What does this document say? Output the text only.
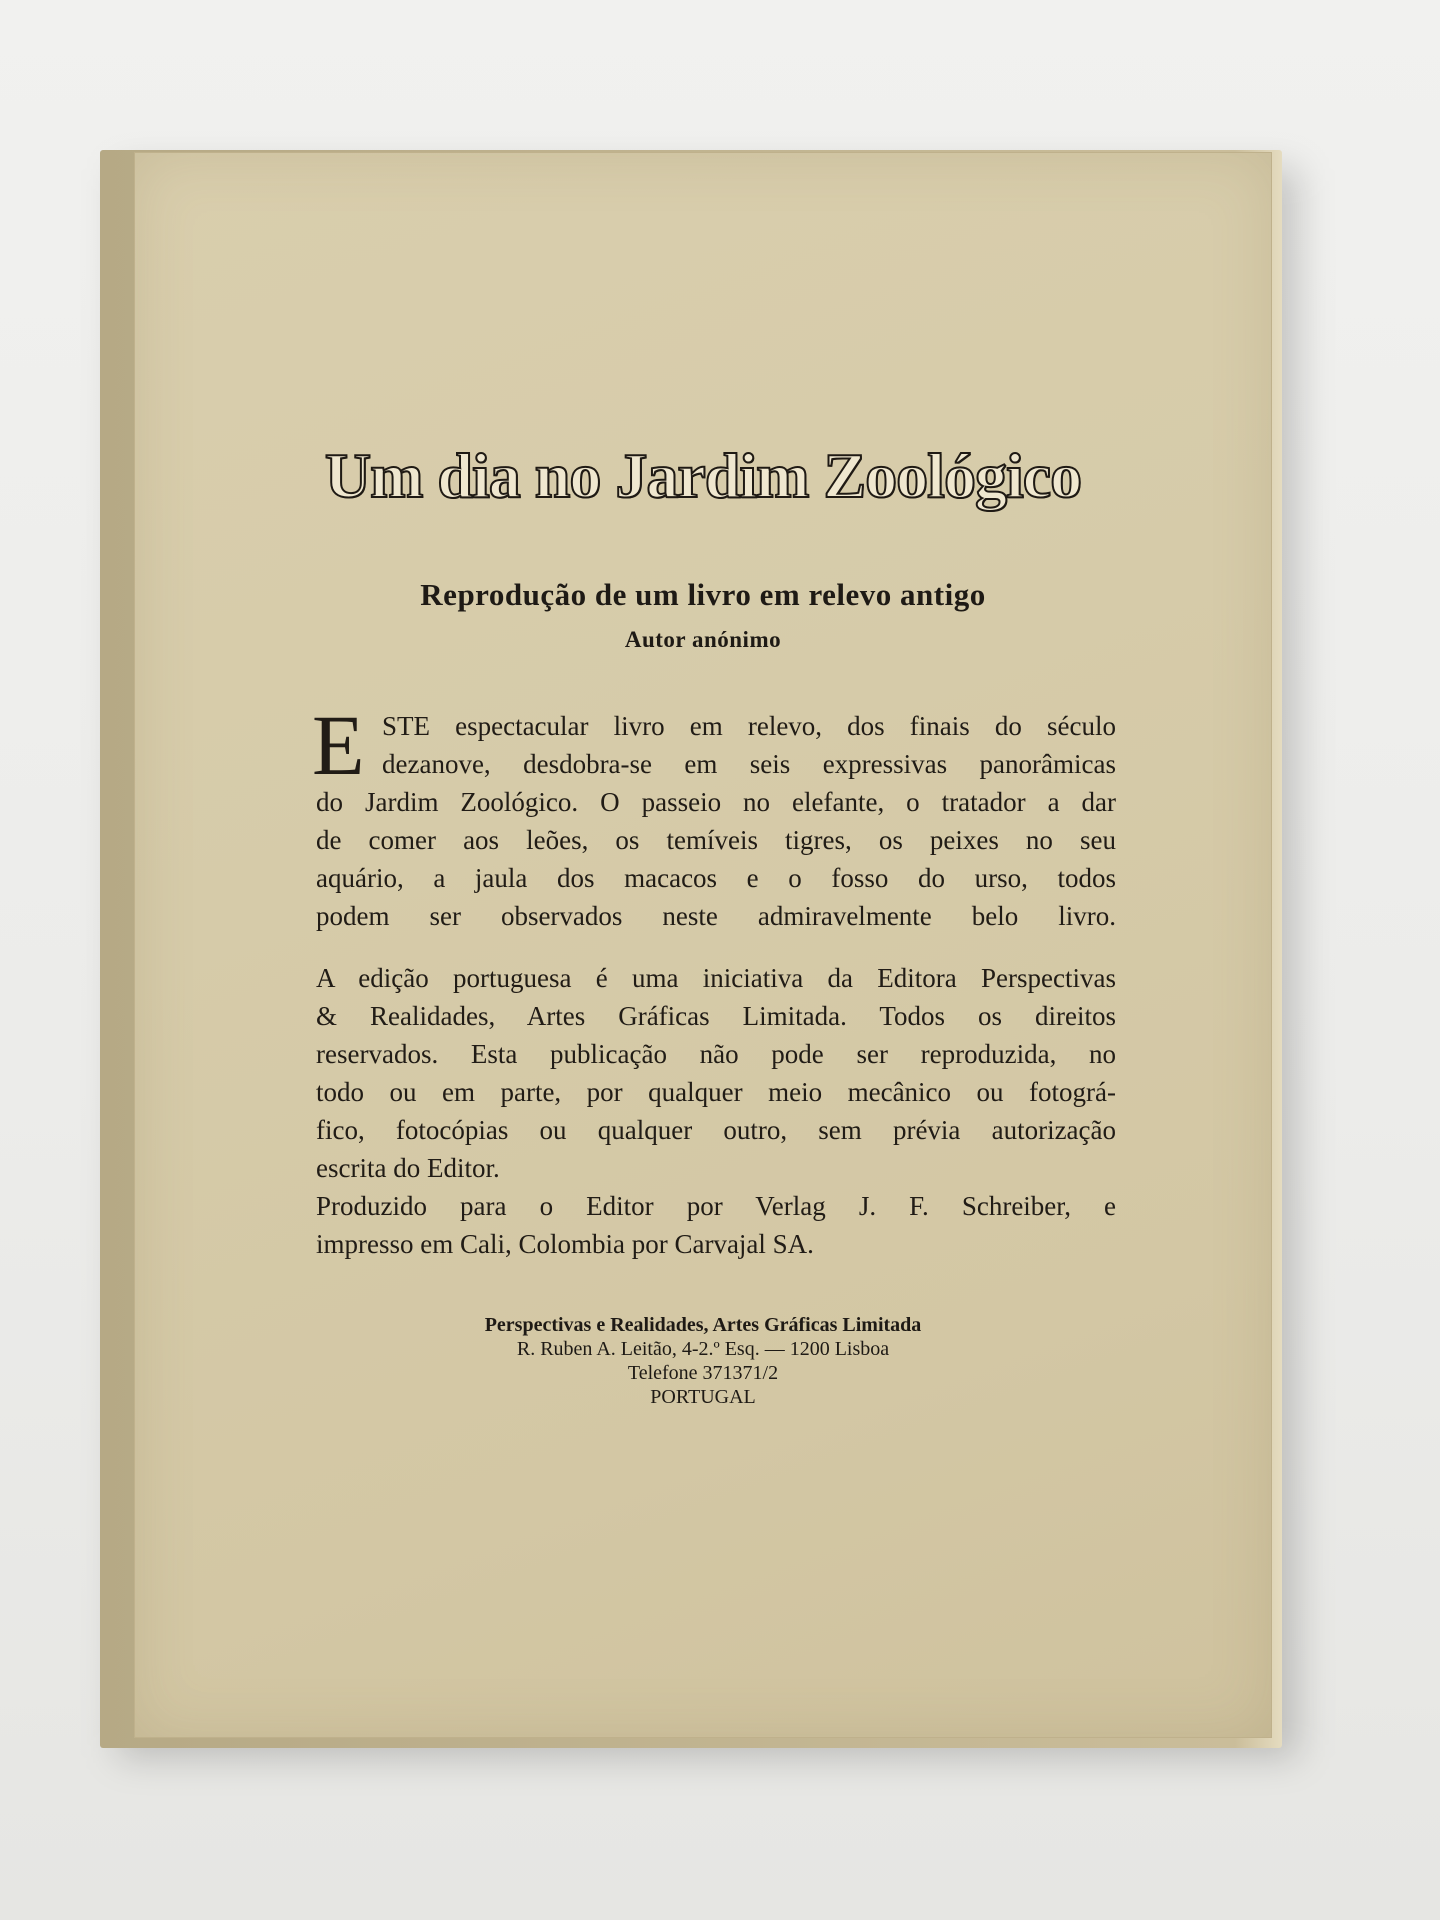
Um dia no Jardim Zoológico
Reprodução de um livro em relevo antigo
Autor anónimo
E STE espectacular livro em relevo, dos finais do século
dezanove, desdobra-se em seis expressivas panorâmicas
do Jardim Zoológico. O passeio no elefante, o tratador a dar
de comer aos leões, os temíveis tigres, os peixes no seu
aquário, a jaula dos macacos e o fosso do urso, todos
podem ser observados neste admiravelmente belo livro.
A edição portuguesa é uma iniciativa da Editora Perspectivas
& Realidades, Artes Gráficas Limitada. Todos os direitos
reservados. Esta publicação não pode ser reproduzida, no
todo ou em parte, por qualquer meio mecânico ou fotográ-
fico, fotocópias ou qualquer outro, sem prévia autorização
escrita do Editor.
Produzido para o Editor por Verlag J. F. Schreiber, e
impresso em Cali, Colombia por Carvajal SA.
Perspectivas e Realidades, Artes Gráficas Limitada
R. Ruben A. Leitão, 4-2.º Esq. — 1200 Lisboa
Telefone 371371/2
PORTUGAL
